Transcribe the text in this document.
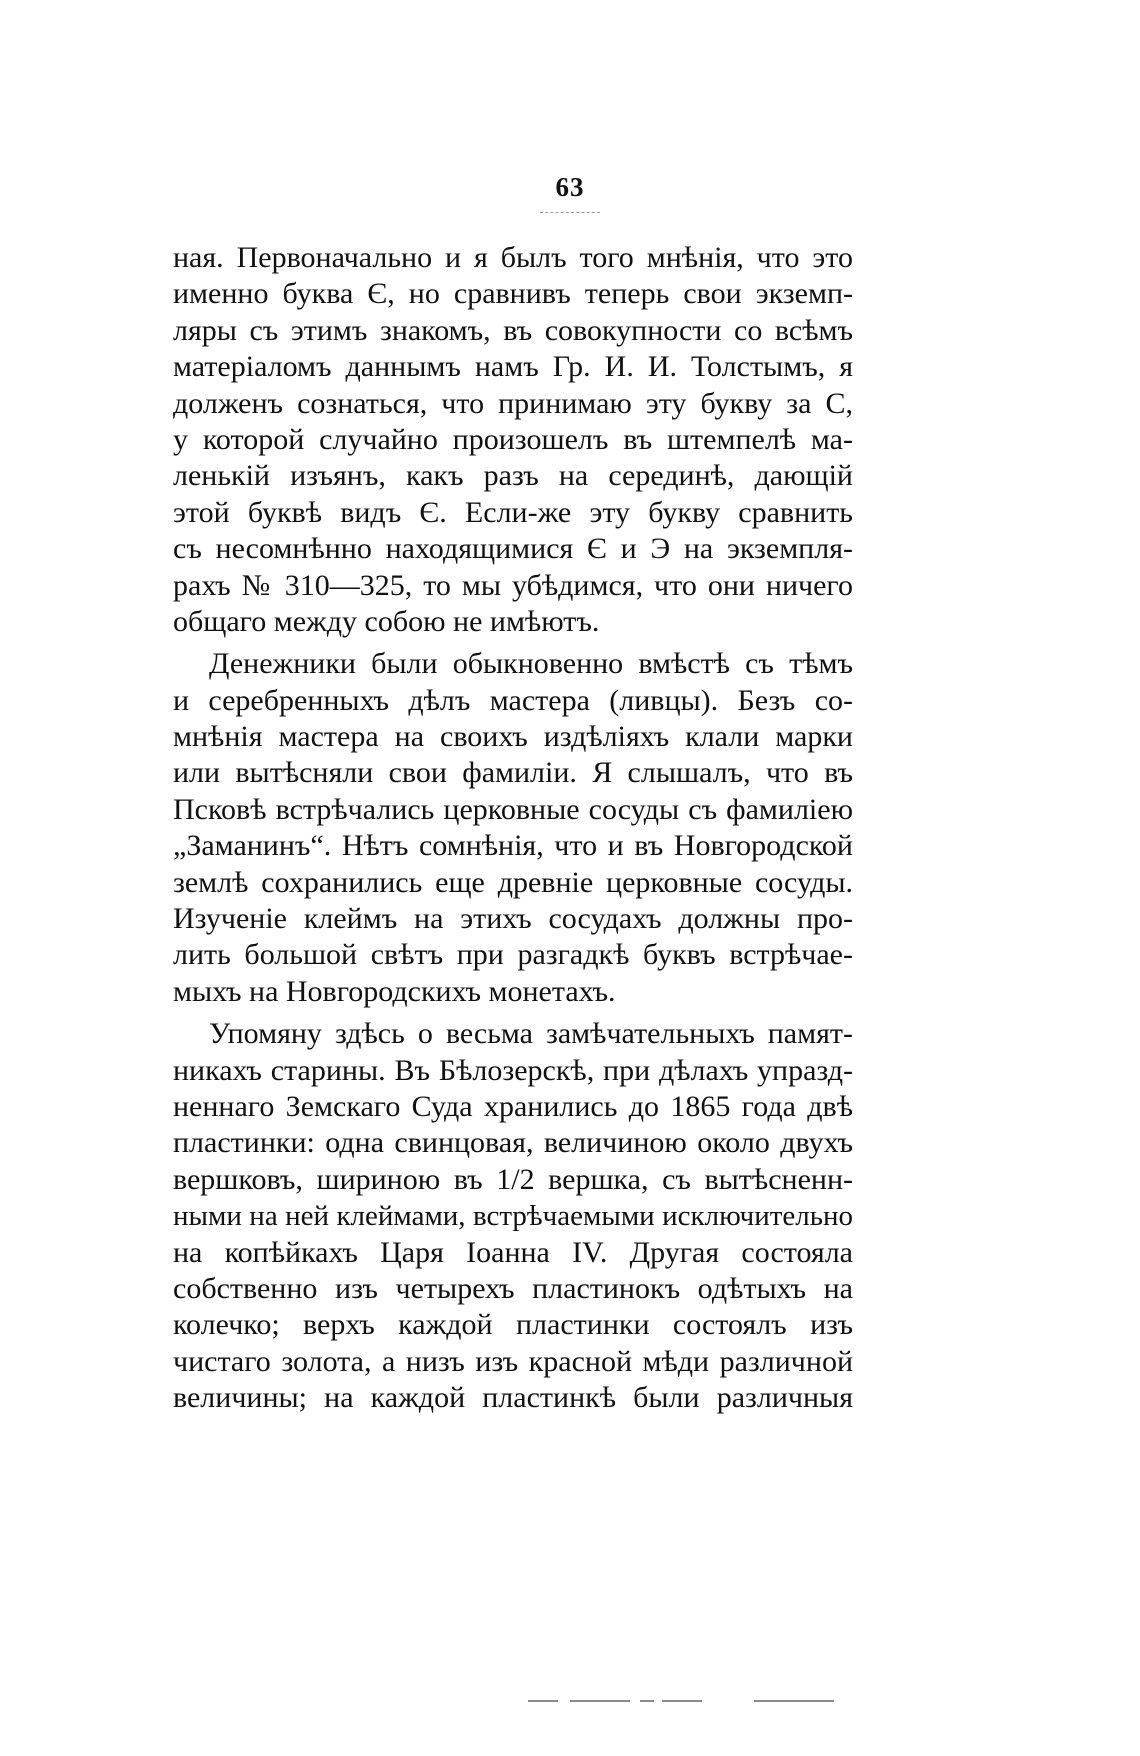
63
ная. Первоначально и я былъ того мнѣнія, что это
именно буква Є, но сравнивъ теперь свои экземп-
ляры съ этимъ знакомъ, въ совокупности со всѣмъ
матеріаломъ даннымъ намъ Гр. И. И. Толстымъ, я
долженъ сознаться, что принимаю эту букву за С,
у которой случайно произошелъ въ штемпелѣ ма-
ленькій изъянъ, какъ разъ на серединѣ, дающій
этой буквѣ видъ Є. Если-же эту букву сравнить
съ несомнѣнно находящимися Є и Э на экземпля-
рахъ № 310—325, то мы убѣдимся, что они ничего
общаго между собою не имѣютъ.
Денежники были обыкновенно вмѣстѣ съ тѣмъ
и серебренныхъ дѣлъ мастера (ливцы). Безъ со-
мнѣнія мастера на своихъ издѣліяхъ клали марки
или вытѣсняли свои фамиліи. Я слышалъ, что въ
Псковѣ встрѣчались церковные сосуды съ фамиліею
„Заманинъ“. Нѣтъ сомнѣнія, что и въ Новгородской
землѣ сохранились еще древніе церковные сосуды.
Изученіе клеймъ на этихъ сосудахъ должны про-
лить большой свѣтъ при разгадкѣ буквъ встрѣчае-
мыхъ на Новгородскихъ монетахъ.
Упомяну здѣсь о весьма замѣчательныхъ памят-
никахъ старины. Въ Бѣлозерскѣ, при дѣлахъ упразд-
неннаго Земскаго Суда хранились до 1865 года двѣ
пластинки: одна свинцовая, величиною около двухъ
вершковъ, шириною въ 1/2 вершка, съ вытѣсненн-
ными на ней клеймами, встрѣчаемыми исключительно
на копѣйкахъ Царя Іоанна IV. Другая состояла
собственно изъ четырехъ пластинокъ одѣтыхъ на
колечко; верхъ каждой пластинки состоялъ изъ
чистаго золота, а низъ изъ красной мѣди различной
величины; на каждой пластинкѣ были различныя
